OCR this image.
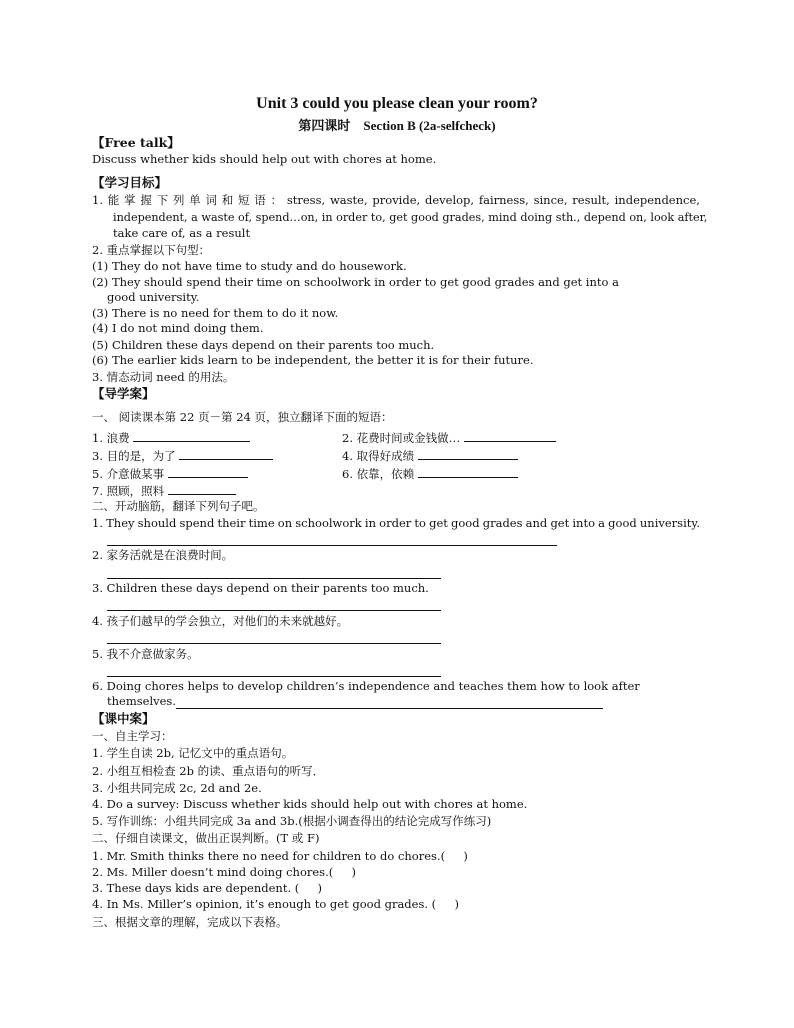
Unit 3 could you please clean your room?
第四课时    Section B (2a-selfcheck)
【Free talk】
Discuss whether kids should help out with chores at home.
【学习目标】
1. 能 掌 握 下 列 单 词 和 短 语 ： stress, waste, provide, develop, fairness, since, result, independence,
independent, a waste of, spend…on, in order to, get good grades, mind doing sth., depend on, look after,
take care of, as a result
2. 重点掌握以下句型：
(1) They do not have time to study and do housework.
(2) They should spend their time on schoolwork in order to get good grades and get into a
good university.
(3) There is no need for them to do it now.
(4) I do not mind doing them.
(5) Children these days depend on their parents too much.
(6) The earlier kids learn to be independent, the better it is for their future.
3. 情态动词 need 的用法。
【导学案】
一、 阅读课本第 22 页－第 24 页，独立翻译下面的短语：
1. 浪费	2. 花费时间或金钱做…
3. 目的是，为了	4. 取得好成绩
5. 介意做某事	6. 依靠，依赖
7. 照顾，照料
二、开动脑筋，翻译下列句子吧。
1. They should spend their time on schoolwork in order to get good grades and get into a good university.
2. 家务活就是在浪费时间。
3. Children these days depend on their parents too much.
4. 孩子们越早的学会独立，对他们的未来就越好。
5. 我不介意做家务。
6. Doing chores helps to develop children’s independence and teaches them how to look after
themselves.
【课中案】
一、自主学习：
1. 学生自读 2b, 记忆文中的重点语句。
2. 小组互相检查 2b 的读、重点语句的听写．
3. 小组共同完成 2c, 2d and 2e.
4. Do a survey: Discuss whether kids should help out with chores at home.
5. 写作训练：小组共同完成 3a and 3b.(根据小调查得出的结论完成写作练习)
二、仔细自读课文，做出正误判断。(T 或 F)
1. Mr. Smith thinks there no need for children to do chores.(     )
2. Ms. Miller doesn’t mind doing chores.(     )
3. These days kids are dependent. (     )
4. In Ms. Miller’s opinion, it’s enough to get good grades. (     )
三、根据文章的理解，完成以下表格。
